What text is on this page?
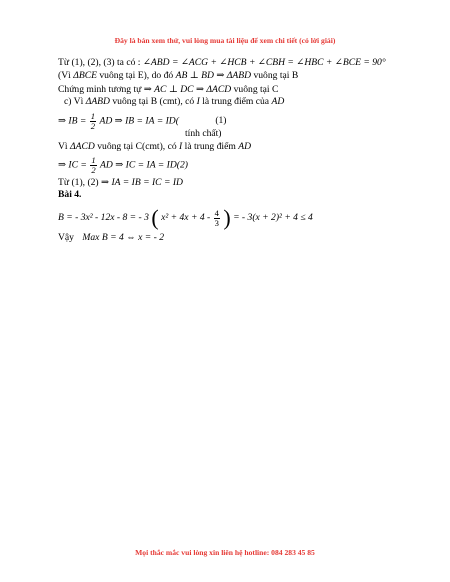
Đây là bản xem thử, vui lòng mua tài liệu để xem chi tiết (có lời giải)
Từ (1), (2), (3) ta có : ∠ABD = ∠ACG + ∠HCB + ∠CBH = ∠HBC + ∠BCE = 90°
(Vì ΔBCE vuông tại E), do đó AB ⊥ BD ⇒ ΔABD vuông tại B
Chứng minh tương tự ⇒ AC ⊥ DC ⇒ ΔACD vuông tại C
c) Vì ΔABD vuông tại B (cmt), có I là trung điểm của AD
⇒ IB = $\frac{1}{2}$ AD ⇒ IB = IA = ID(	(1)
tính chất)
Vì ΔACD vuông tại C(cmt), có I là trung điểm AD
⇒ IC = $\frac{1}{2}$ AD ⇒ IC = IA = ID(2)
Từ (1), (2) ⇒ IA = IB = IC = ID
Bài 4.
B = - 3x² - 12x - 8 = - 3 ( $x^2 + 4x + 4 - \frac{4}{3}$ ) = - 3(x + 2)² + 4 ≤ 4
Vậy Max B = 4 ⇔ x = - 2
Mọi thắc mắc vui lòng xin liên hệ hotline: 084 283 45 85
